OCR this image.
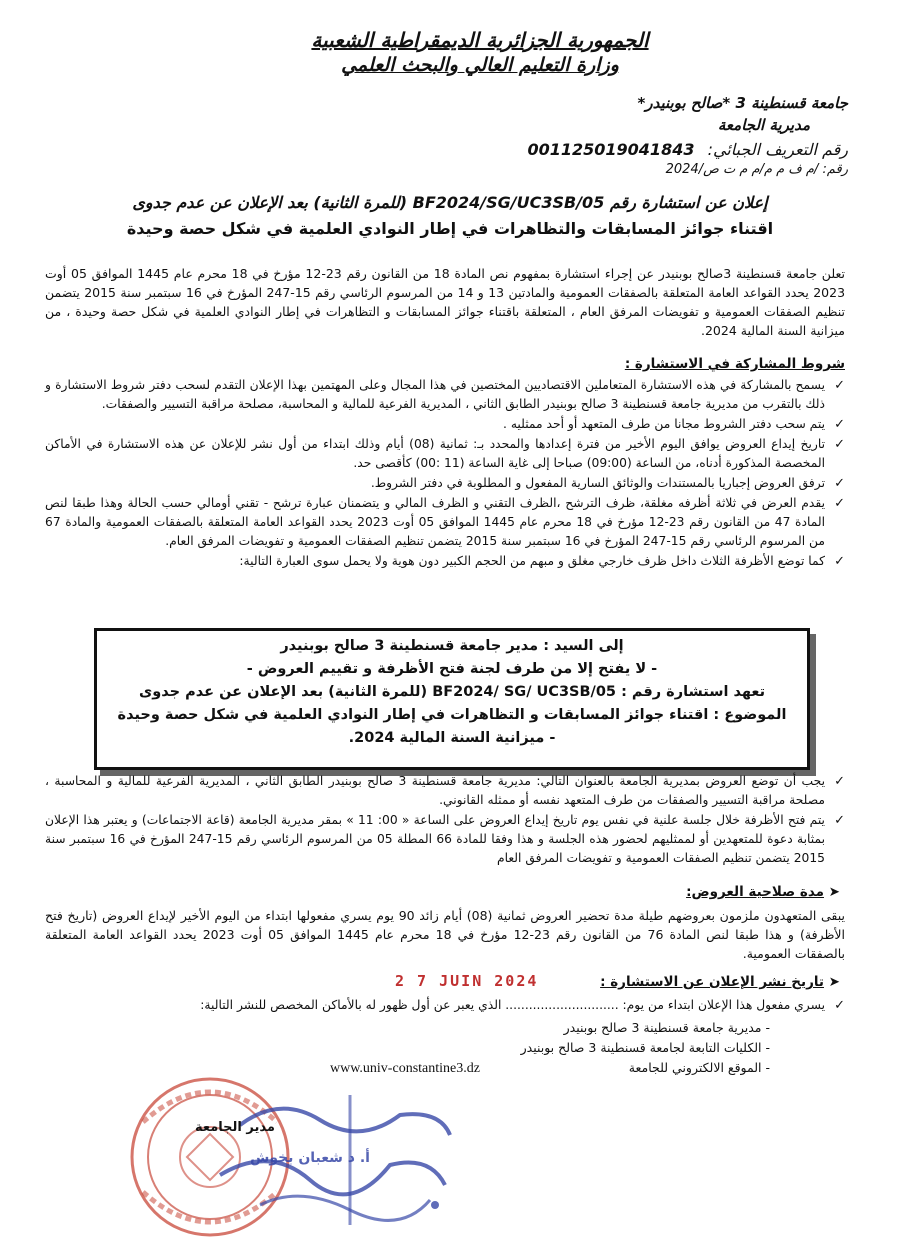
الجمهورية الجزائرية الديمقراطية الشعبية
وزارة التعليم العالي والبحث العلمي
جامعة قسنطينة 3 *صالح بوبنيدر*
مديرية الجامعة
رقم التعريف الجبائي: 001125019041843
رقم: /م ف م م/م م ت ص/2024
إعلان عن استشارة رقم BF2024/SG/UC3SB/05 (للمرة الثانية) بعد الإعلان عن عدم جدوى
اقتناء جوائز المسابقات والتظاهرات في إطار النوادي العلمية في شكل حصة وحيدة
تعلن جامعة قسنطينة 3صالح بوبنيدر عن إجراء استشارة بمفهوم نص المادة 18 من القانون رقم 23-12 مؤرخ في 18 محرم عام 1445 الموافق 05 أوت 2023 يحدد القواعد العامة المتعلقة بالصفقات العمومية والمادتين 13 و 14 من المرسوم الرئاسي رقم 15-247 المؤرخ في 16 سبتمبر سنة 2015 يتضمن تنظيم الصفقات العمومية و تفويضات المرفق العام ، المتعلقة باقتناء جوائز المسابقات و التظاهرات في إطار النوادي العلمية في شكل حصة وحيدة ، من ميزانية السنة المالية 2024.
شروط المشاركة في الاستشارة :
✓ يسمح بالمشاركة في هذه الاستشارة المتعاملين الاقتصاديين المختصين في هذا المجال وعلى المهتمين بهذا الإعلان التقدم لسحب دفتر شروط الاستشارة و ذلك بالتقرب من مديرية جامعة قسنطينة 3 صالح بوبنيدر الطابق الثاني ، المديرية الفرعية للمالية و المحاسبة، مصلحة مراقبة التسيير والصفقات.
✓ يتم سحب دفتر الشروط مجانا من طرف المتعهد أو أحد ممثليه .
✓ تاريخ إيداع العروض يوافق اليوم الأخير من فترة إعدادها والمحدد بـ: ثمانية (08) أيام وذلك ابتداء من أول نشر للإعلان عن هذه الاستشارة في الأماكن المخصصة المذكورة أدناه، من الساعة (09:00) صباحا إلى غاية الساعة (11 :00) كأقصى حد.
✓ ترفق العروض إجباريا بالمستندات والوثائق السارية المفعول و المطلوبة في دفتر الشروط.
✓ يقدم العرض في ثلاثة أظرفه مغلقة، ظرف الترشح ،الظرف التقني و الظرف المالي و يتضمنان عبارة ترشح - تقني أومالي حسب الحالة وهذا طبقا لنص المادة 47 من القانون رقم 23-12 مؤرخ في 18 محرم عام 1445 الموافق 05 أوت 2023 يحدد القواعد العامة المتعلقة بالصفقات العمومية والمادة 67 من المرسوم الرئاسي رقم 15-247 المؤرخ في 16 سبتمبر سنة 2015 يتضمن تنظيم الصفقات العمومية و تفويضات المرفق العام.
✓ كما توضع الأظرفة الثلاث داخل ظرف خارجي مغلق و مبهم من الحجم الكبير دون هوية ولا يحمل سوى العبارة التالية:
إلى السيد : مدير جامعة قسنطينة 3 صالح بوبنيدر
- لا يفتح إلا من طرف لجنة فتح الأظرفة و تقييم العروض -
تعهد استشارة رقم : BF2024/ SG/ UC3SB/05 (للمرة الثانية) بعد الإعلان عن عدم جدوى
الموضوع : اقتناء جوائز المسابقات و التظاهرات في إطار النوادي العلمية في شكل حصة وحيدة
- ميزانية السنة المالية 2024.
✓ يجب أن توضع العروض بمديرية الجامعة بالعنوان التالي: مديرية جامعة قسنطينة 3 صالح بوبنيدر الطابق الثاني ، المديرية الفرعية للمالية و المحاسبة ، مصلحة مراقبة التسيير والصفقات من طرف المتعهد نفسه أو ممثله القانوني.
✓ يتم فتح الأظرفة خلال جلسة علنية في نفس يوم تاريخ إيداع العروض على الساعة « 00: 11 » بمقر مديرية الجامعة (قاعة الاجتماعات) و يعتبر هذا الإعلان بمثابة دعوة للمتعهدين أو لممثليهم لحضور هذه الجلسة و هذا وفقا للمادة 66 المطلة 05 من المرسوم الرئاسي رقم 15-247 المؤرخ في 16 سبتمبر سنة 2015 يتضمن تنظيم الصفقات العمومية و تفويضات المرفق العام
➤ مدة صلاحية العروض:
يبقى المتعهدون ملزمون بعروضهم طيلة مدة تحضير العروض ثمانية (08) أيام زائد 90 يوم يسري مفعولها ابتداء من اليوم الأخير لإيداع العروض (تاريخ فتح الأظرفة) و هذا طبقا لنص المادة 76 من القانون رقم 23-12 مؤرخ في 18 محرم عام 1445 الموافق 05 أوت 2023 يحدد القواعد العامة المتعلقة بالصفقات العمومية.
2 7 JUIN 2024	➤ تاريخ نشر الإعلان عن الاستشارة :
✓ يسري مفعول هذا الإعلان ابتداء من يوم: ............................. الذي يعبر عن أول ظهور له بالأماكن المخصص للنشر التالية:
- مديرية جامعة قسنطينة 3 صالح بوبنيدر
- الكليات التابعة لجامعة قسنطينة 3 صالح بوبنيدر
- الموقع الالكتروني للجامعة
www.univ-constantine3.dz
مدير الجامعة
أ. د شعبان بخوش
